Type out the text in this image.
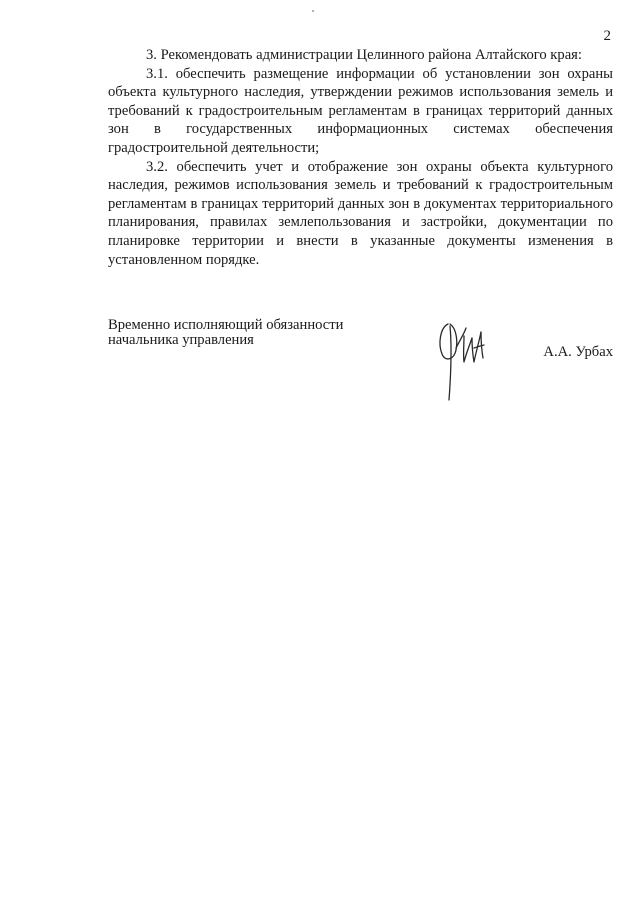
2

3. Рекомендовать администрации Целинного района Алтайского края:

3.1. обеспечить размещение информации об установлении зон охраны объекта культурного наследия, утверждении режимов использования земель и требований к градостроительным регламентам в границах территорий данных зон в государственных информационных системах обеспечения градостроительной деятельности;

3.2. обеспечить учет и отображение зон охраны объекта культурного наследия, режимов использования земель и требований к градостроительным регламентам в границах территорий данных зон в документах территориального планирования, правилах землепользования и застройки, документации по планировке территории и внести в указанные документы изменения в установленном порядке.

Временно исполняющий обязанности
начальника управления
А.А. Урбах
